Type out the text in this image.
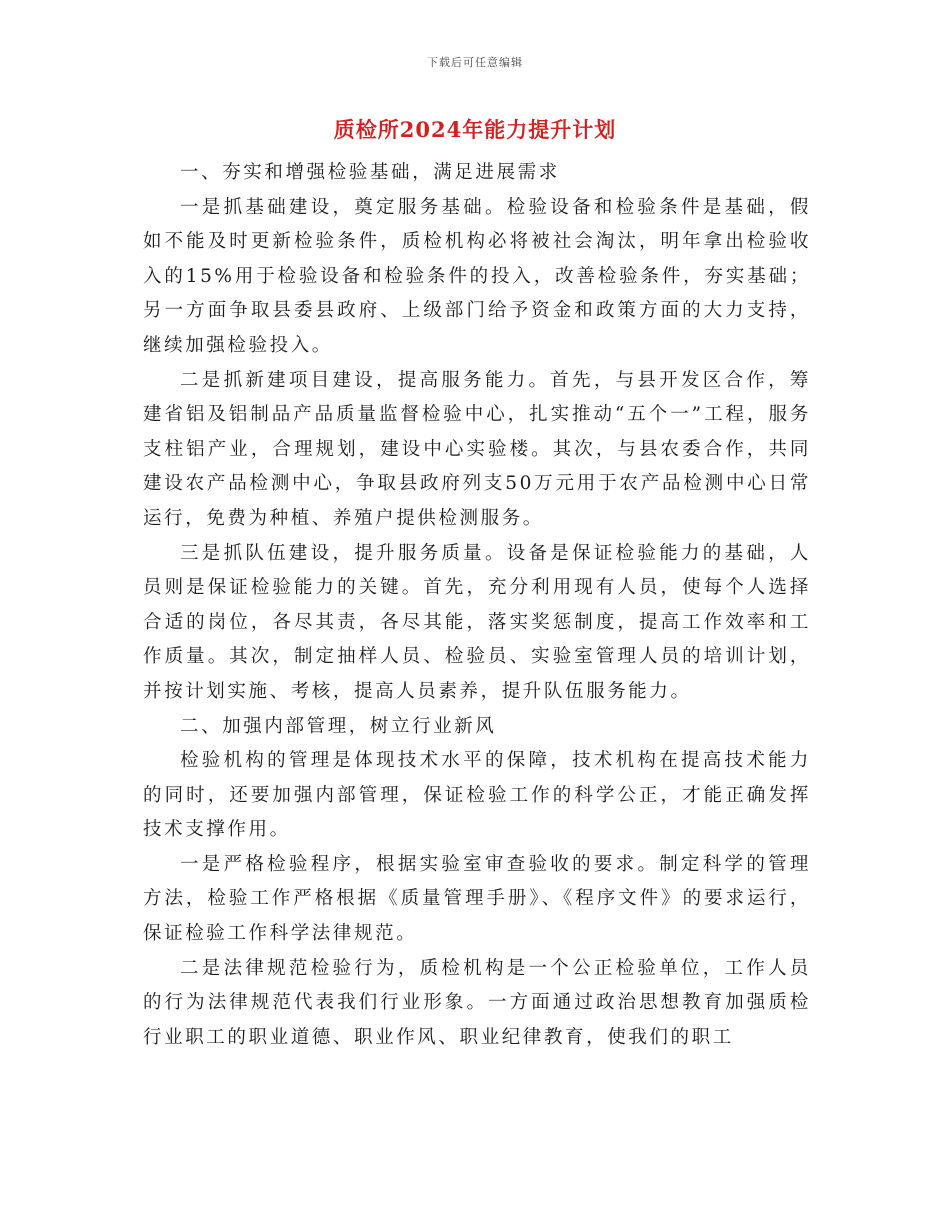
下载后可任意编辑
质检所2024年能力提升计划

一、夯实和增强检验基础，满足进展需求

一是抓基础建设，奠定服务基础。检验设备和检验条件是基础，假如不能及时更新检验条件，质检机构必将被社会淘汰，明年拿出检验收入的15%用于检验设备和检验条件的投入，改善检验条件，夯实基础；另一方面争取县委县政府、上级部门给予资金和政策方面的大力支持，继续加强检验投入。

二是抓新建项目建设，提高服务能力。首先，与县开发区合作，筹建省铝及铝制品产品质量监督检验中心，扎实推动“五个一”工程，服务支柱铝产业，合理规划，建设中心实验楼。其次，与县农委合作，共同建设农产品检测中心，争取县政府列支50万元用于农产品检测中心日常运行，免费为种植、养殖户提供检测服务。

三是抓队伍建设，提升服务质量。设备是保证检验能力的基础，人员则是保证检验能力的关键。首先，充分利用现有人员，使每个人选择合适的岗位，各尽其责，各尽其能，落实奖惩制度，提高工作效率和工作质量。其次，制定抽样人员、检验员、实验室管理人员的培训计划，并按计划实施、考核，提高人员素养，提升队伍服务能力。

二、加强内部管理，树立行业新风

检验机构的管理是体现技术水平的保障，技术机构在提高技术能力的同时，还要加强内部管理，保证检验工作的科学公正，才能正确发挥技术支撑作用。

一是严格检验程序，根据实验室审查验收的要求。制定科学的管理方法，检验工作严格根据《质量管理手册》、《程序文件》的要求运行，保证检验工作科学法律规范。

二是法律规范检验行为，质检机构是一个公正检验单位，工作人员的行为法律规范代表我们行业形象。一方面通过政治思想教育加强质检行业职工的职业道德、职业作风、职业纪律教育，使我们的职工
